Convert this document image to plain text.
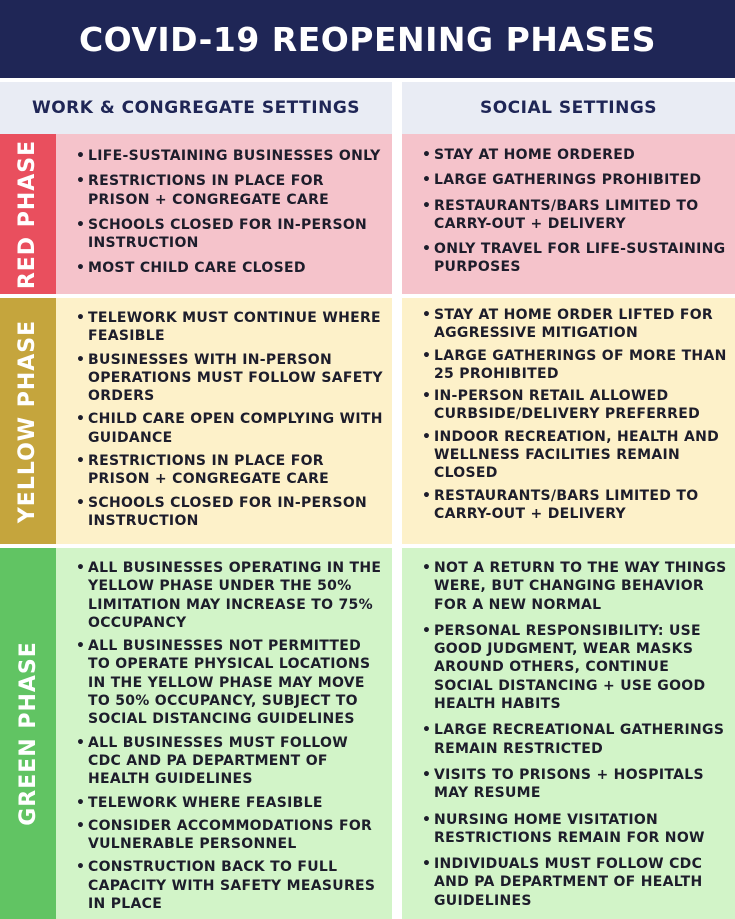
COVID-19 REOPENING PHASES
WORK & CONGREGATE SETTINGS	SOCIAL SETTINGS
RED PHASE
•	LIFE-SUSTAINING BUSINESSES ONLY
• RESTRICTIONS IN PLACE FOR PRISON + CONGREGATE CARE
• SCHOOLS CLOSED FOR IN-PERSON INSTRUCTION
• MOST CHILD CARE CLOSED
• STAY AT HOME ORDERED
• LARGE GATHERINGS PROHIBITED
• RESTAURANTS/BARS LIMITED TO CARRY-OUT + DELIVERY
• ONLY TRAVEL FOR LIFE-SUSTAINING PURPOSES
YELLOW PHASE
• TELEWORK MUST CONTINUE WHERE FEASIBLE
• BUSINESSES WITH IN-PERSON OPERATIONS MUST FOLLOW SAFETY ORDERS
• CHILD CARE OPEN COMPLYING WITH GUIDANCE
• RESTRICTIONS IN PLACE FOR PRISON + CONGREGATE CARE
• SCHOOLS CLOSED FOR IN-PERSON INSTRUCTION
• STAY AT HOME ORDER LIFTED FOR AGGRESSIVE MITIGATION
• LARGE GATHERINGS OF MORE THAN 25 PROHIBITED
• IN-PERSON RETAIL ALLOWED CURBSIDE/DELIVERY PREFERRED
• INDOOR RECREATION, HEALTH AND WELLNESS FACILITIES REMAIN CLOSED
• RESTAURANTS/BARS LIMITED TO CARRY-OUT + DELIVERY
GREEN PHASE
• ALL BUSINESSES OPERATING IN THE YELLOW PHASE UNDER THE 50% LIMITATION MAY INCREASE TO 75% OCCUPANCY
• ALL BUSINESSES NOT PERMITTED TO OPERATE PHYSICAL LOCATIONS IN THE YELLOW PHASE MAY MOVE TO 50% OCCUPANCY, SUBJECT TO SOCIAL DISTANCING GUIDELINES
• ALL BUSINESSES MUST FOLLOW CDC AND PA DEPARTMENT OF HEALTH GUIDELINES
• TELEWORK WHERE FEASIBLE
• CONSIDER ACCOMMODATIONS FOR VULNERABLE PERSONNEL
• CONSTRUCTION BACK TO FULL CAPACITY WITH SAFETY MEASURES IN PLACE
• NOT A RETURN TO THE WAY THINGS WERE, BUT CHANGING BEHAVIOR FOR A NEW NORMAL
• PERSONAL RESPONSIBILITY: USE GOOD JUDGMENT, WEAR MASKS AROUND OTHERS, CONTINUE SOCIAL DISTANCING + USE GOOD HEALTH HABITS
• LARGE RECREATIONAL GATHERINGS REMAIN RESTRICTED
• VISITS TO PRISONS + HOSPITALS MAY RESUME
• NURSING HOME VISITATION RESTRICTIONS REMAIN FOR NOW
• INDIVIDUALS MUST FOLLOW CDC AND PA DEPARTMENT OF HEALTH GUIDELINES
